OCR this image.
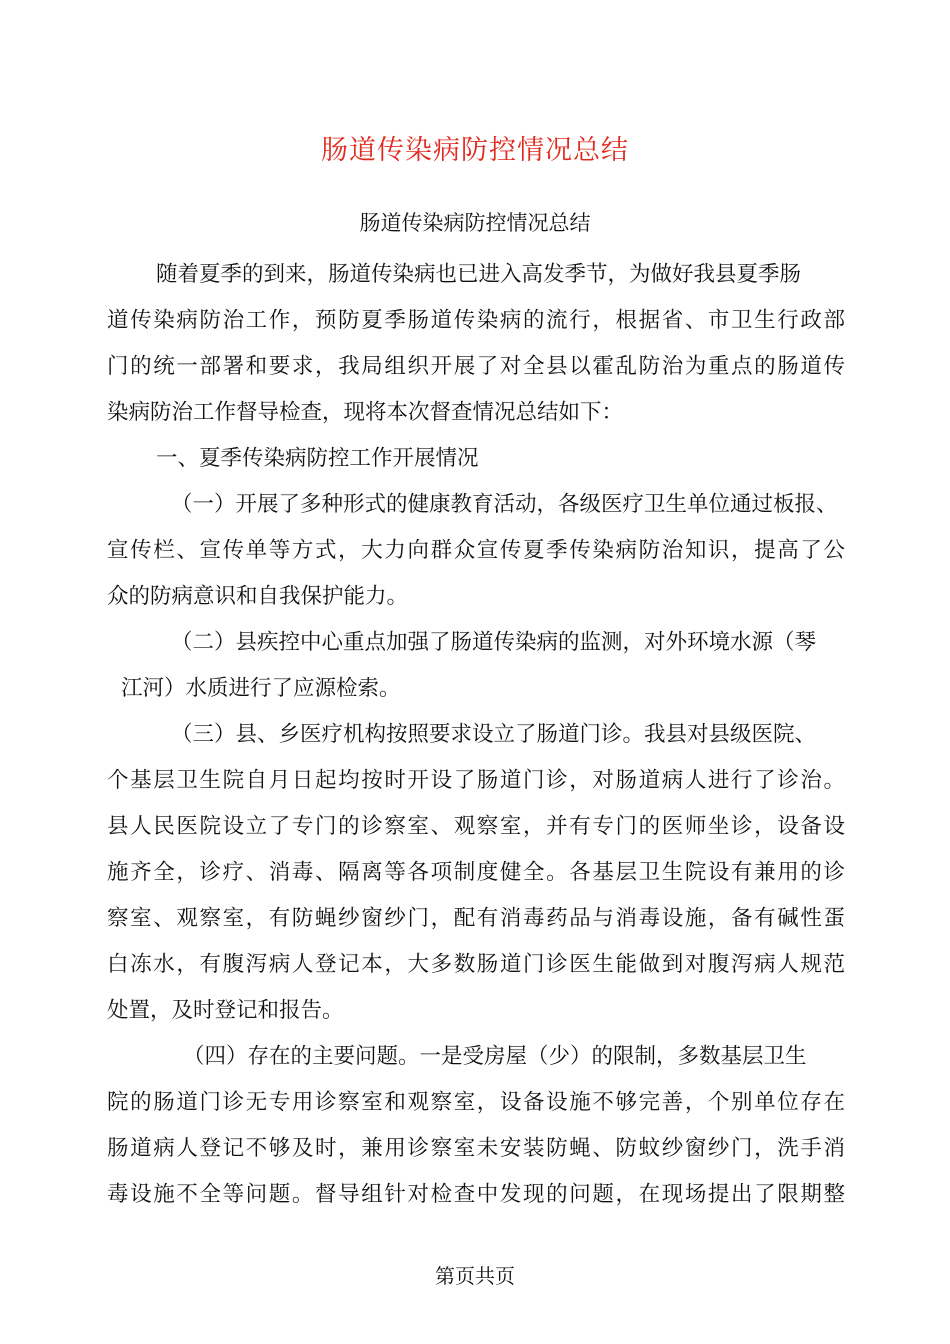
肠道传染病防控情况总结
肠道传染病防控情况总结
随着夏季的到来，肠道传染病也已进入高发季节，为做好我县夏季肠
道传染病防治工作，预防夏季肠道传染病的流行，根据省、市卫生行政部
门的统一部署和要求，我局组织开展了对全县以霍乱防治为重点的肠道传
染病防治工作督导检查，现将本次督查情况总结如下：
一、夏季传染病防控工作开展情况
（一）开展了多种形式的健康教育活动，各级医疗卫生单位通过板报、
宣传栏、宣传单等方式，大力向群众宣传夏季传染病防治知识，提高了公
众的防病意识和自我保护能力。
（二）县疾控中心重点加强了肠道传染病的监测，对外环境水源（琴
江河）水质进行了应源检索。
（三）县、乡医疗机构按照要求设立了肠道门诊。我县对县级医院、
个基层卫生院自月日起均按时开设了肠道门诊，对肠道病人进行了诊治。
县人民医院设立了专门的诊察室、观察室，并有专门的医师坐诊，设备设
施齐全，诊疗、消毒、隔离等各项制度健全。各基层卫生院设有兼用的诊
察室、观察室，有防蝇纱窗纱门，配有消毒药品与消毒设施，备有碱性蛋
白冻水，有腹泻病人登记本，大多数肠道门诊医生能做到对腹泻病人规范
处置，及时登记和报告。
（四）存在的主要问题。一是受房屋（少）的限制，多数基层卫生
院的肠道门诊无专用诊察室和观察室，设备设施不够完善，个别单位存在
肠道病人登记不够及时，兼用诊察室未安装防蝇、防蚊纱窗纱门，洗手消
毒设施不全等问题。督导组针对检查中发现的问题，在现场提出了限期整
第页共页
